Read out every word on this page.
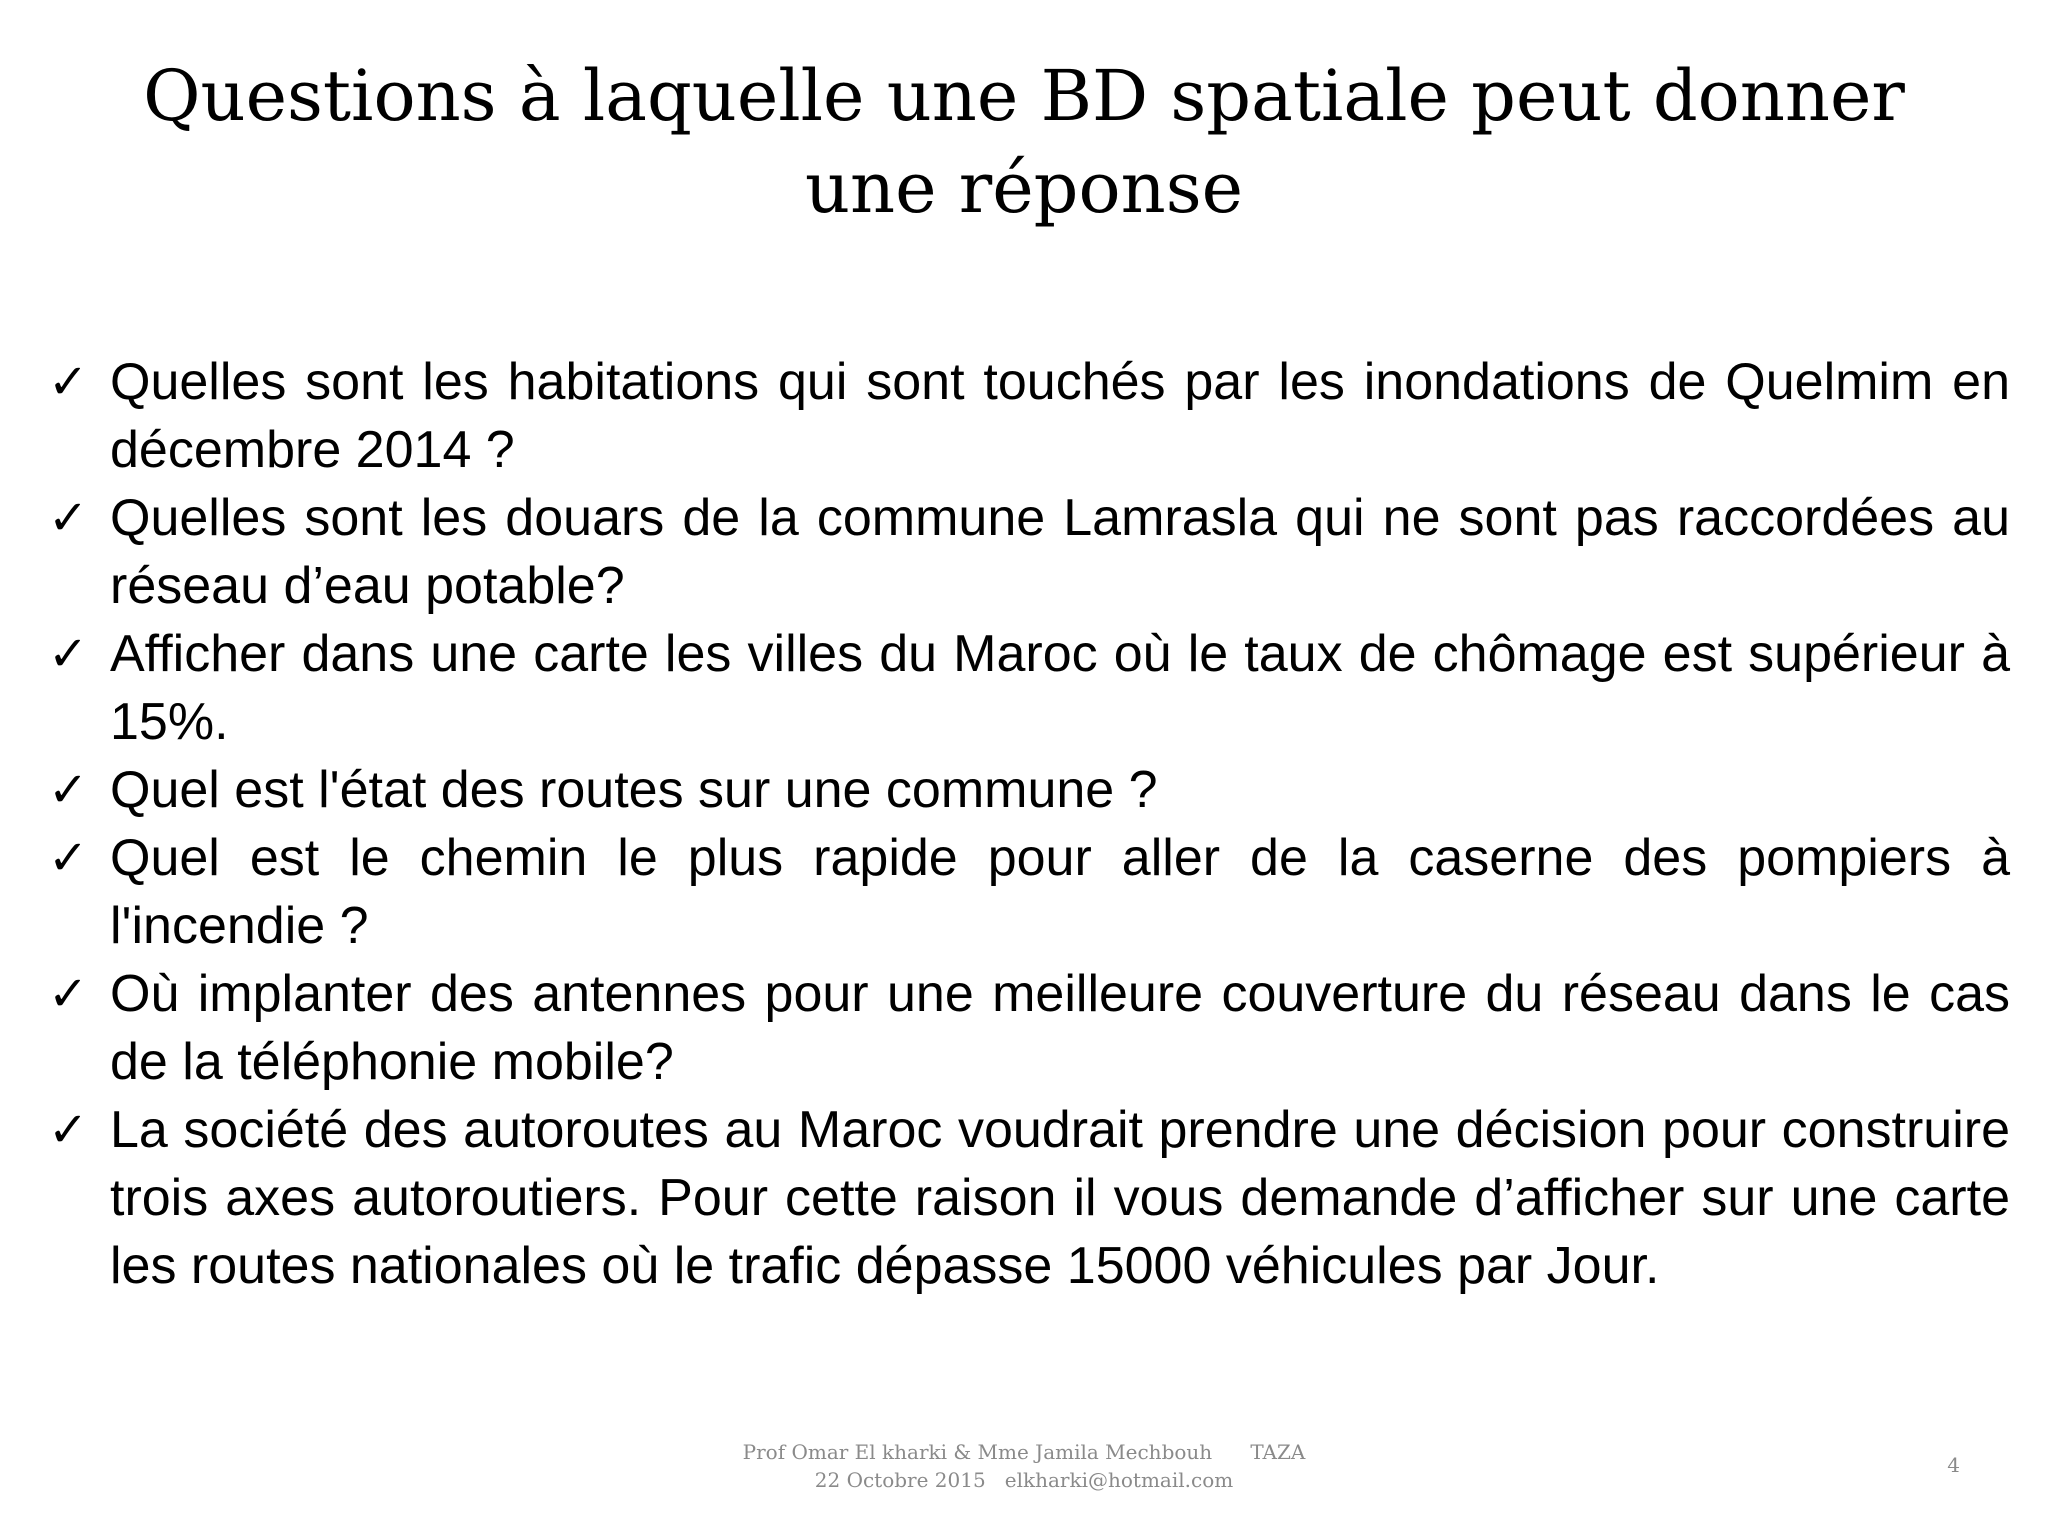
Questions à laquelle une BD spatiale peut donner une réponse
✓ Quelles sont les habitations qui sont touchés par les inondations de Quelmim en décembre 2014 ?
✓ Quelles sont les douars de la commune Lamrasla qui ne sont pas raccordées au réseau d’eau potable?
✓ Afficher dans une carte les villes du Maroc où le taux de chômage est supérieur à 15%.
✓ Quel est l'état des routes sur une commune ?
✓ Quel est le chemin le plus rapide pour aller de la caserne des pompiers à l'incendie ?
✓ Où implanter des antennes pour une meilleure couverture du réseau dans le cas de la téléphonie mobile?
✓ La société des autoroutes au Maroc voudrait prendre une décision pour construire trois axes autoroutiers. Pour cette raison il vous demande d’afficher sur une carte les routes nationales où le trafic dépasse 15000 véhicules par Jour.
Prof Omar El kharki & Mme Jamila Mechbouh      TAZA
22 Octobre 2015   elkharki@hotmail.com
4
